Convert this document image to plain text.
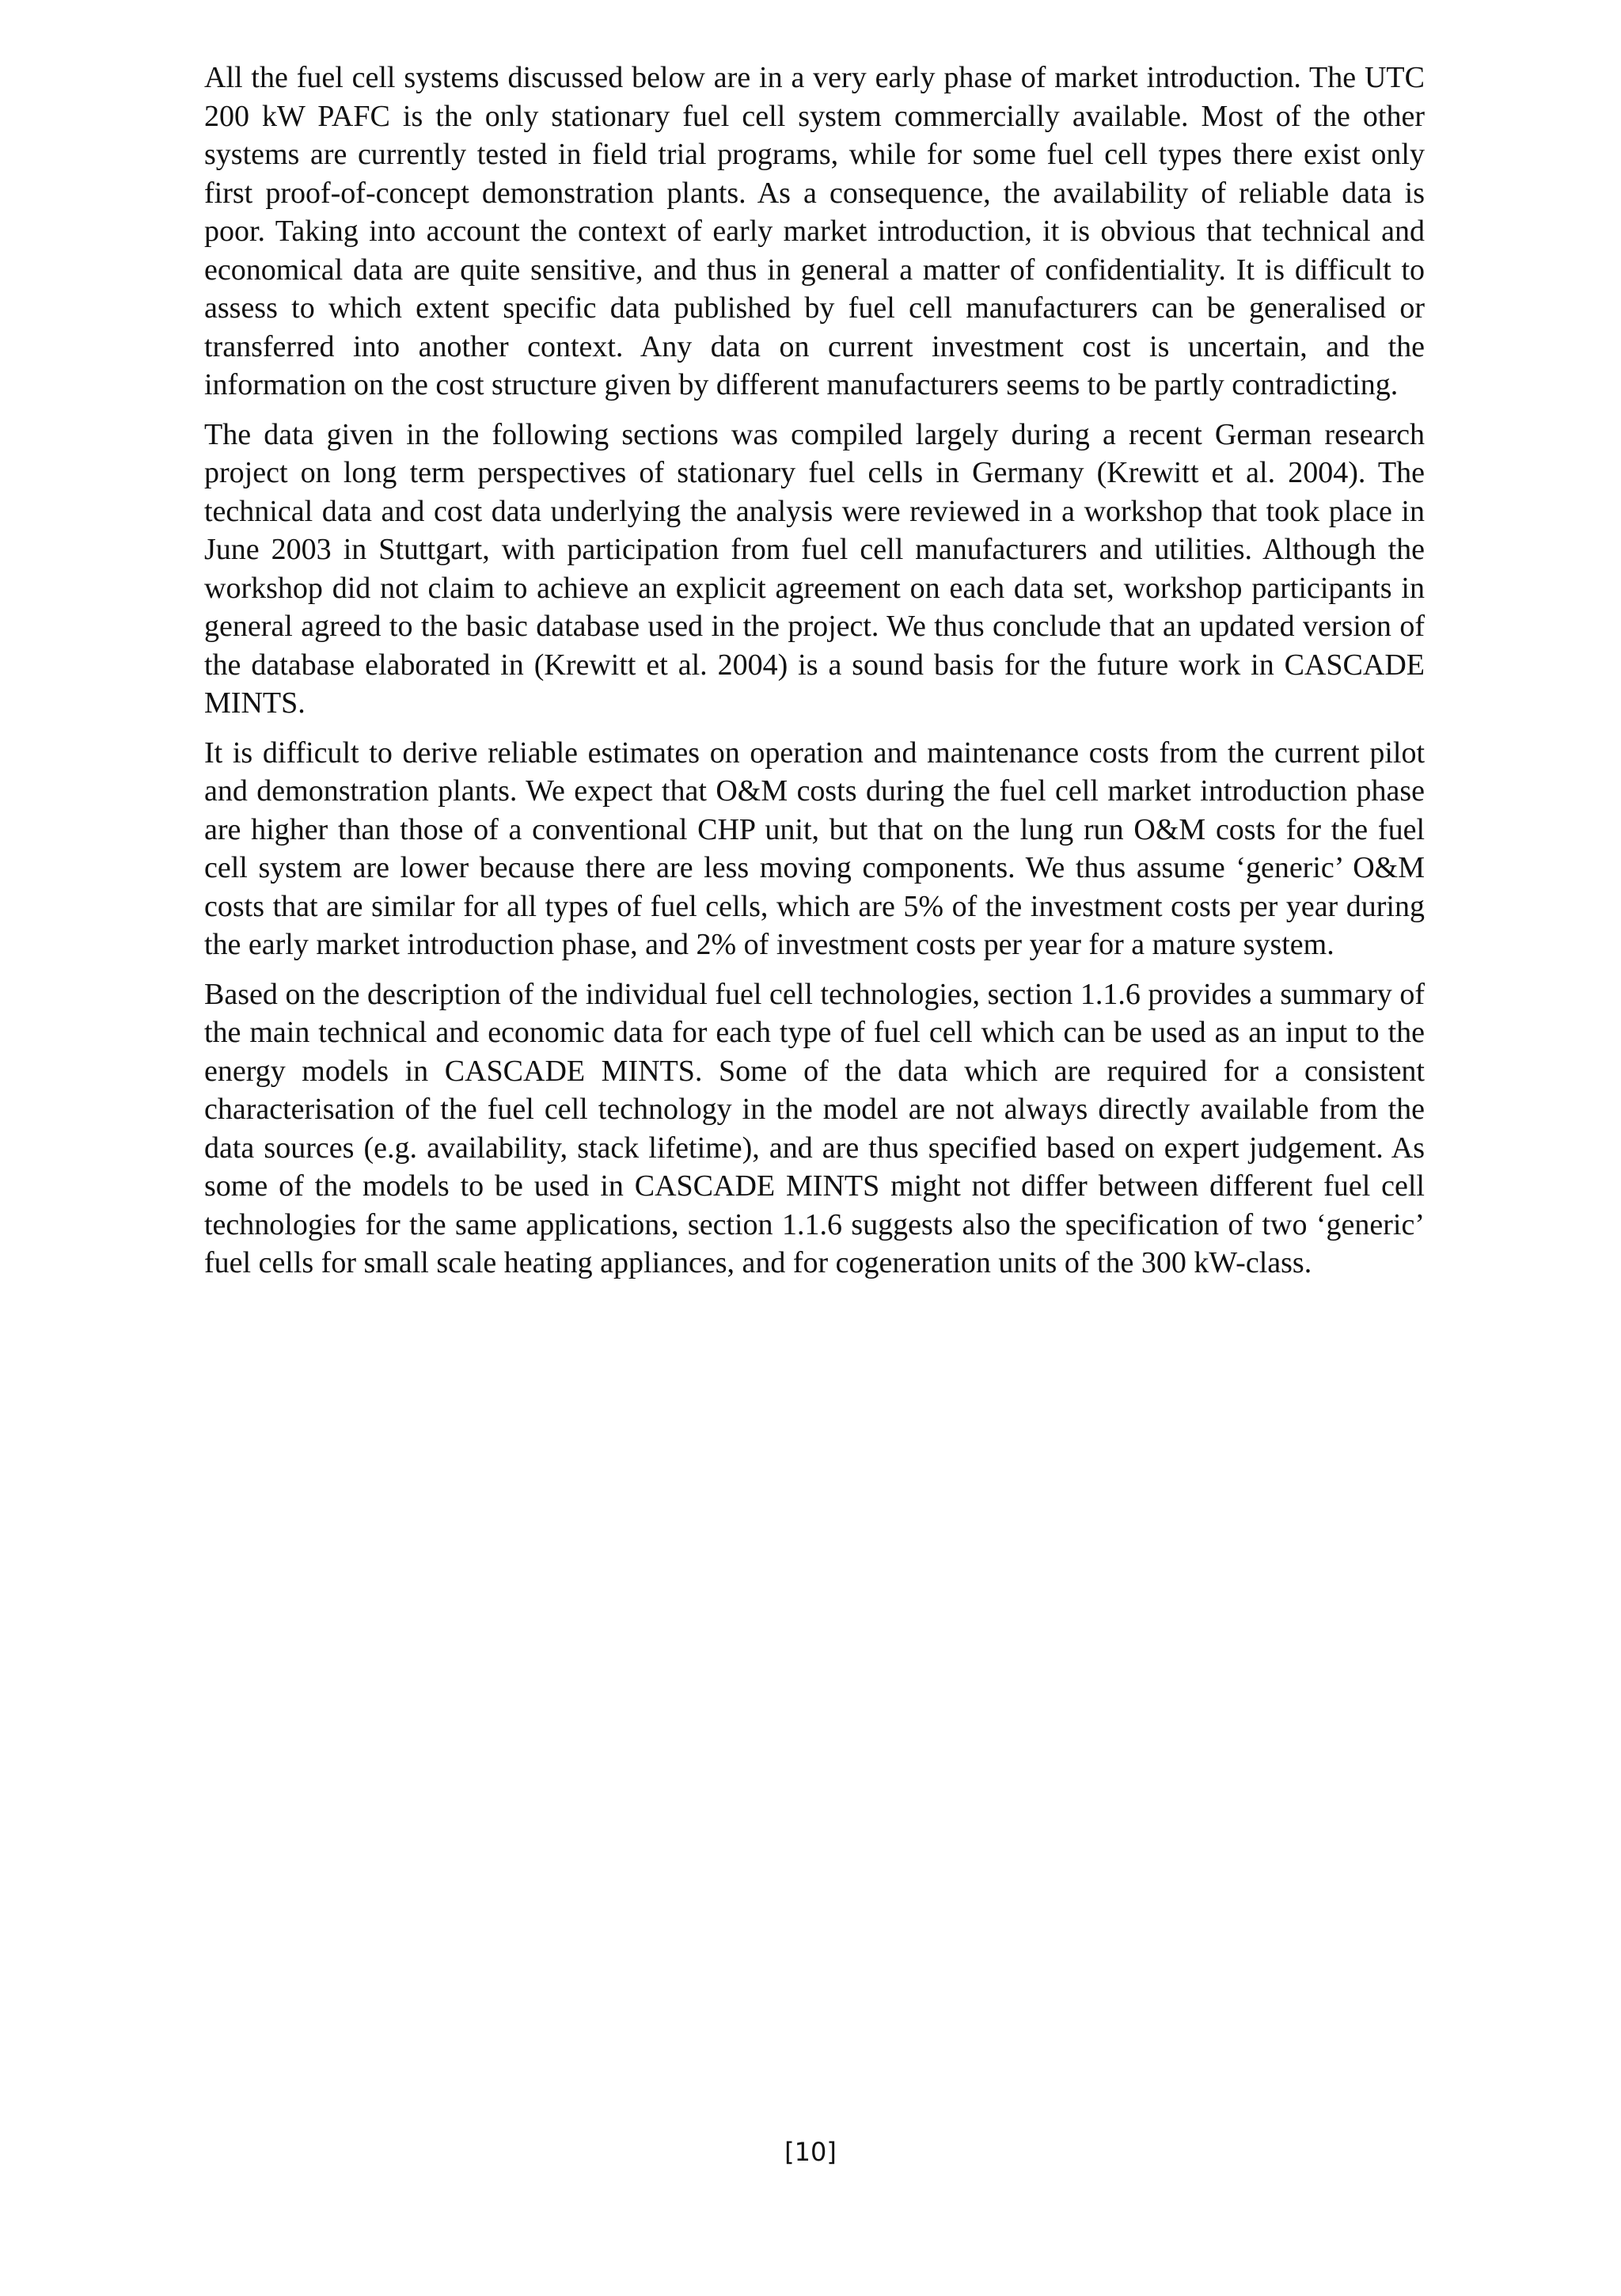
All the fuel cell systems discussed below are in a very early phase of market introduction. The UTC 200 kW PAFC is the only stationary fuel cell system commercially available. Most of the other systems are currently tested in field trial programs, while for some fuel cell types there exist only first proof-of-concept demonstration plants. As a consequence, the availability of reliable data is poor. Taking into account the context of early market introduction, it is obvious that technical and economical data are quite sensitive, and thus in general a matter of confidentiality. It is difficult to assess to which extent specific data published by fuel cell manufacturers can be generalised or transferred into another context. Any data on current investment cost is uncertain, and the information on the cost structure given by different manufacturers seems to be partly contradicting.

The data given in the following sections was compiled largely during a recent German research project on long term perspectives of stationary fuel cells in Germany (Krewitt et al. 2004). The technical data and cost data underlying the analysis were reviewed in a workshop that took place in June 2003 in Stuttgart, with participation from fuel cell manufacturers and utilities. Although the workshop did not claim to achieve an explicit agreement on each data set, workshop participants in general agreed to the basic database used in the project. We thus conclude that an updated version of the database elaborated in (Krewitt et al. 2004) is a sound basis for the future work in CASCADE MINTS.

It is difficult to derive reliable estimates on operation and maintenance costs from the current pilot and demonstration plants. We expect that O&M costs during the fuel cell market introduction phase are higher than those of a conventional CHP unit, but that on the lung run O&M costs for the fuel cell system are lower because there are less moving components. We thus assume ‘generic’ O&M costs that are similar for all types of fuel cells, which are 5% of the investment costs per year during the early market introduction phase, and 2% of investment costs per year for a mature system.

Based on the description of the individual fuel cell technologies, section 1.1.6 provides a summary of the main technical and economic data for each type of fuel cell which can be used as an input to the energy models in CASCADE MINTS. Some of the data which are required for a consistent characterisation of the fuel cell technology in the model are not always directly available from the data sources (e.g. availability, stack lifetime), and are thus specified based on expert judgement. As some of the models to be used in CASCADE MINTS might not differ between different fuel cell technologies for the same applications, section 1.1.6 suggests also the specification of two ‘generic’ fuel cells for small scale heating appliances, and for cogeneration units of the 300 kW-class.

[10]
